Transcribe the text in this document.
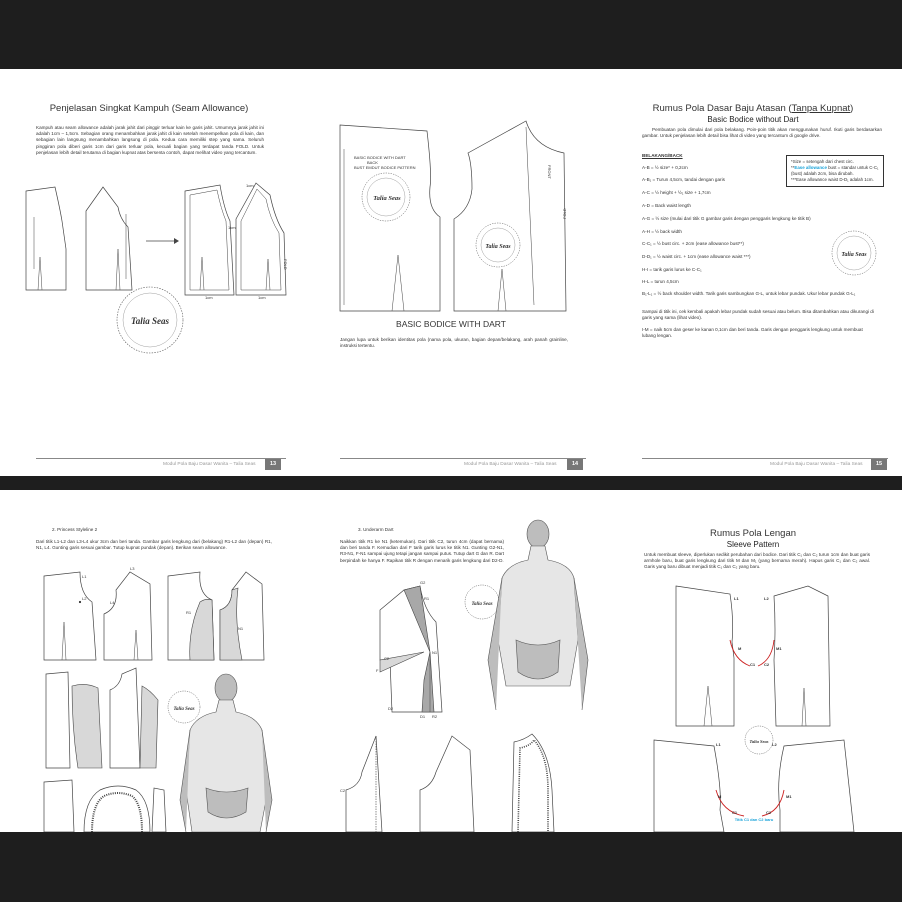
Penjelasan Singkat Kampuh (Seam Allowance)
Kampuh atau seam allowance adalah jarak jahit dari pinggir terluar kain ke garis jahit. Umumnya jarak jahit ini adalah 1cm – 1,5cm. Sebagian orang menambahkan jarak jahit di kain setelah menempelkan pola di kain, dan sebagian lain langsung menambahkan langsung di pola. Kedua cara memiliki step yang sama. Seluruh pinggiran pola diberi garis 1cm dari garis terluar pola, kecuali bagian yang terdapat tanda FOLD. Untuk penjelasan lebih detail terutama di bagian kupnat atas bersenta contoh, dapat melihat video yang tercantum.
1cm
1cm
1cm	1cm
FOLD
Talia Seas
Modul Pola Baju Dasar Wanita – Talia Seas	13
BASIC BODICE WITH DART
BACK
BUST EMDUT BODICE PATTERN	FRONT
FOLD
Talia Seas
Talia Seas
BASIC BODICE WITH DART
Jangan lupa untuk berikan identitas pola (nama pola, ukuran, bagian depan/belakang, arah panah grainline, instruksi tertentu.
Modul Pola Baju Dasar Wanita – Talia Seas	14
Rumus Pola Dasar Baju Atasan (Tanpa Kupnat)
Basic Bodice without Dart
Pembuatan pola dimulai dari pola belakang. Poin-poin titik akan menggunakan huruf. Ikuti garis berdasarkan gambar. Untuk penjelasan lebih detail bisa lihat di video yang tercantum di google drive.
BELAKANG/BACK
A-B = ½ size* + 0,2cm
A-B₁ = Turun 4,5cm, tandai dengan garis
A-C = ½ height + ½₁ size + 1,7cm
A-D = Back waist length
A-G = ½ size (mulai dari titik G gambar garis dengan penggaris lengkung ke titik B)
A-H = ½ back width
C-C₁ = ½ bust circ. + 2cm (ease allowance bust**)
D-D₁ = ½ waist circ. + 1cm (ease allowance waist ***)
H-I = tarik garis lurus ke C-C₁
H-L = turun 4,5cm
B₁-L₁ = ½ back shoulder width. Tarik garis sambungkan G-L, untuk lebar pundak. Ukur lebar pundak G-L₁
Sampai di titik ini, cek kembali apakah lebar pundak sudah sesuai atau belum. Bisa ditambahkan atau dikurangi di garis yang sama (lihat video).
I-M = naik 5cm dan geser ke kanan 0,1cm dan beri tanda. Garis dengan penggaris lengkung untuk membuat lubang lengan.
*Size = setengah dari chest circ.
**Ease allowance bust = standar untuk C-C₁ (bust) adalah 2cm, bisa dirubah.
***Ease allowance waist D-D₁ adalah 1cm.
Talia Seas
Modul Pola Baju Dasar Wanita – Talia Seas	15
2. Princess Styleline 2
Dari titik L1-L2 dan L3-L4 ukur 3cm dan beri tanda. Gambar garis lengkung dari (belakang) R1-L2 dan (depan) R1, N1, L4. Gunting garis sesuai gambar. Tutup kupnat pundak (depan). Berikan seam allowance.
L1
L2
L3
L4
R1
N1
Talia Seas
3. Underarm Dart
Naikkan titik R1 ke N1 (ketemukan). Dari titik C2, turun 4cm (dapat bernama) dan beri tanda F. Kemudian dari F tarik garis lurus ke titik N1. Gunting G2-N1, R3-N1, F-N1 sampai ujung tetapi jangan sampai putus. Tutup dart G dan R. Dart berpindah ke hanya F. Rapikan titik R dengan menarik garis lengkung dari D2-D.
G2
N1
F
C2
D2
D1 R2
R1
Talia Seas
C2
Rumus Pola Lengan
Sleeve Pattern
Untuk membuat sleeve, diperlukan sedikit perubahan dari bodice. Dari titik C₁ dan C₂ turun 1cm dan buat garis armhole baru, buat garis lengkung dari titik M dan M₁ (yang bernama merah). Hapus garis C₁ dan C₂ awal. Garis yang baru dibuat menjadi titik C₁ dan C₂ yang baru.
L1	L2
M	M1
C1 C2
L1	L2
M	M1
C1	C2
Titik C1 dan C2 baru
Talia Seas
